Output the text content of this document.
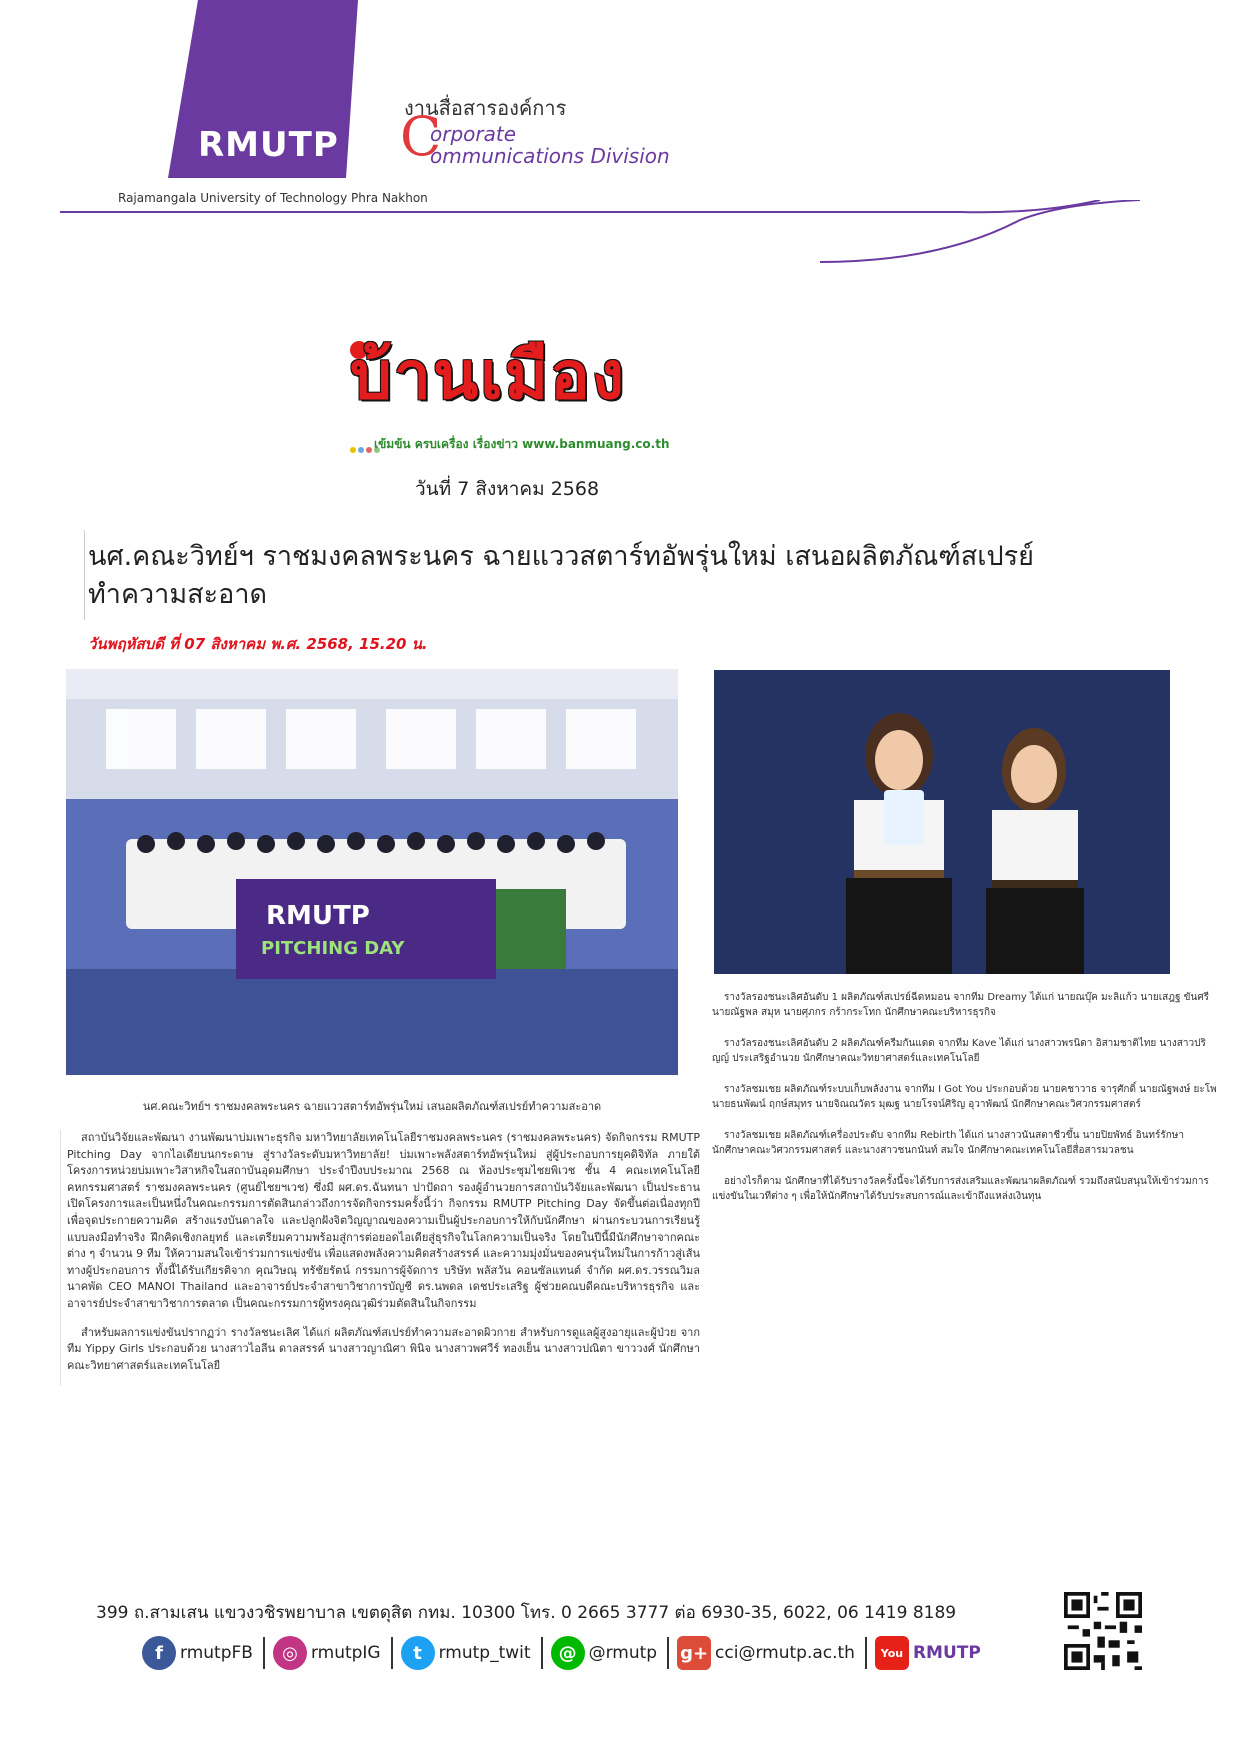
RMUTP
งานสื่อสารองค์การ
C
orporate
ommunications Division
Rajamangala University of Technology Phra Nakhon
บ้านเมือง
เข้มข้น ครบเครื่อง เรื่องข่าว www.banmuang.co.th
วันที่ 7 สิงหาคม 2568
นศ.คณะวิทย์ฯ ราชมงคลพระนคร ฉายแววสตาร์ทอัพรุ่นใหม่ เสนอผลิตภัณฑ์สเปรย์ทำความสะอาด
วันพฤหัสบดี ที่ 07 สิงหาคม พ.ศ. 2568, 15.20 น.
RMUTP
PITCHING DAY
นศ.คณะวิทย์ฯ ราชมงคลพระนคร ฉายแววสตาร์ทอัพรุ่นใหม่ เสนอผลิตภัณฑ์สเปรย์ทำความสะอาด

สถาบันวิจัยและพัฒนา งานพัฒนาบ่มเพาะธุรกิจ มหาวิทยาลัยเทคโนโลยีราชมงคลพระนคร (ราชมงคลพระนคร) จัดกิจกรรม RMUTP Pitching Day จากไอเดียบนกระดาษ สู่รางวัลระดับมหาวิทยาลัย! บ่มเพาะพลังสตาร์ทอัพรุ่นใหม่ สู่ผู้ประกอบการยุคดิจิทัล ภายใต้โครงการหน่วยบ่มเพาะวิสาหกิจในสถาบันอุดมศึกษา ประจำปีงบประมาณ 2568 ณ ห้องประชุมไชยพิเวช ชั้น 4 คณะเทคโนโลยีคหกรรมศาสตร์ ราชมงคลพระนคร (ศูนย์ไชยฯเวช) ซึ่งมี ผศ.ดร.ฉันทนา ปาปัดถา รองผู้อำนวยการสถาบันวิจัยและพัฒนา เป็นประธานเปิดโครงการและเป็นหนึ่งในคณะกรรมการตัดสินกล่าวถึงการจัดกิจกรรมครั้งนี้ว่า กิจกรรม RMUTP Pitching Day จัดขึ้นต่อเนื่องทุกปีเพื่อจุดประกายความคิด สร้างแรงบันดาลใจ และปลูกฝังจิตวิญญาณของความเป็นผู้ประกอบการให้กับนักศึกษา ผ่านกระบวนการเรียนรู้แบบลงมือทำจริง ฝึกคิดเชิงกลยุทธ์ และเตรียมความพร้อมสู่การต่อยอดไอเดียสู่ธุรกิจในโลกความเป็นจริง โดยในปีนี้มีนักศึกษาจากคณะต่าง ๆ จำนวน 9 ทีม ให้ความสนใจเข้าร่วมการแข่งขัน เพื่อแสดงพลังความคิดสร้างสรรค์ และความมุ่งมั่นของคนรุ่นใหม่ในการก้าวสู่เส้นทางผู้ประกอบการ ทั้งนี้ได้รับเกียรติจาก คุณวิษณุ ทรัชัยรัตน์ กรรมการผู้จัดการ บริษัท พลัสวัน คอนซัลแทนต์ จำกัด ผศ.ดร.วรรณวิมล นาคพัด CEO MANOI Thailand และอาจารย์ประจำสาขาวิชาการบัญชี ดร.นพดล เดชประเสริฐ ผู้ช่วยคณบดีคณะบริหารธุรกิจ และอาจารย์ประจำสาขาวิชาการตลาด เป็นคณะกรรมการผู้ทรงคุณวุฒิร่วมตัดสินในกิจกรรม

สำหรับผลการแข่งขันปรากฏว่า รางวัลชนะเลิศ ได้แก่ ผลิตภัณฑ์สเปรย์ทำความสะอาดผิวกาย สำหรับการดูแลผู้สูงอายุและผู้ป่วย จากทีม Yippy Girls ประกอบด้วย นางสาวไอลีน ดาลสรรค์ นางสาวญาณิศา พินิจ นางสาวพศวีร์ ทองเย็น นางสาวปณิตา ขาววงศ์ นักศึกษาคณะวิทยาศาสตร์และเทคโนโลยี

รางวัลรองชนะเลิศอันดับ 1 ผลิตภัณฑ์สเปรย์ฉีดหมอน จากทีม Dreamy ได้แก่ นายณบุ๊ค มะลิแก้ว นายเสฎฐ ขันศรี นายณัฐพล สมุห นายศุภกร กร้ากระโทก นักศึกษาคณะบริหารธุรกิจ

รางวัลรองชนะเลิศอันดับ 2 ผลิตภัณฑ์ครีมกันแดด จากทีม Kave ได้แก่ นางสาวพรนิดา อิสามชาติไทย นางสาวปริญญ์ ประเสริฐอำนวย นักศึกษาคณะวิทยาศาสตร์และเทคโนโลยี

รางวัลชมเชย ผลิตภัณฑ์ระบบเก็บพลังงาน จากทีม I Got You ประกอบด้วย นายคชาวาธ จารุศักดิ์ นายณัฐพงษ์ ยะโพ นายธนพัฒน์ ฤกษ์สมุทร นายจิณณวัตร มุฒฐ นายโรจน์ศิริญ อุวาพัฒน์ นักศึกษาคณะวิศวกรรมศาสตร์

รางวัลชมเชย ผลิตภัณฑ์เครื่องประดับ จากทีม Rebirth ได้แก่ นางสาวนันสตาชีวขึ้น นายปิยพัทธ์ อินทร์รักษา นักศึกษาคณะวิศวกรรมศาสตร์ และนางสาวชนกนันท์ สมใจ นักศึกษาคณะเทคโนโลยีสื่อสารมวลชน

อย่างไรก็ตาม นักศึกษาที่ได้รับรางวัลครั้งนี้จะได้รับการส่งเสริมและพัฒนาผลิตภัณฑ์ รวมถึงสนับสนุนให้เข้าร่วมการแข่งขันในเวทีต่าง ๆ เพื่อให้นักศึกษาได้รับประสบการณ์และเข้าถึงแหล่งเงินทุน

399 ถ.สามเสน แขวงวชิรพยาบาล เขตดุสิต กทม. 10300 โทร. 0 2665 3777 ต่อ 6930-35, 6022, 06 1419 8189
f	rmutpFB	◎ rmutpIG	t rmutp_twit	@ @rmutp g+ cci@rmutp.ac.th	You RMUTP
